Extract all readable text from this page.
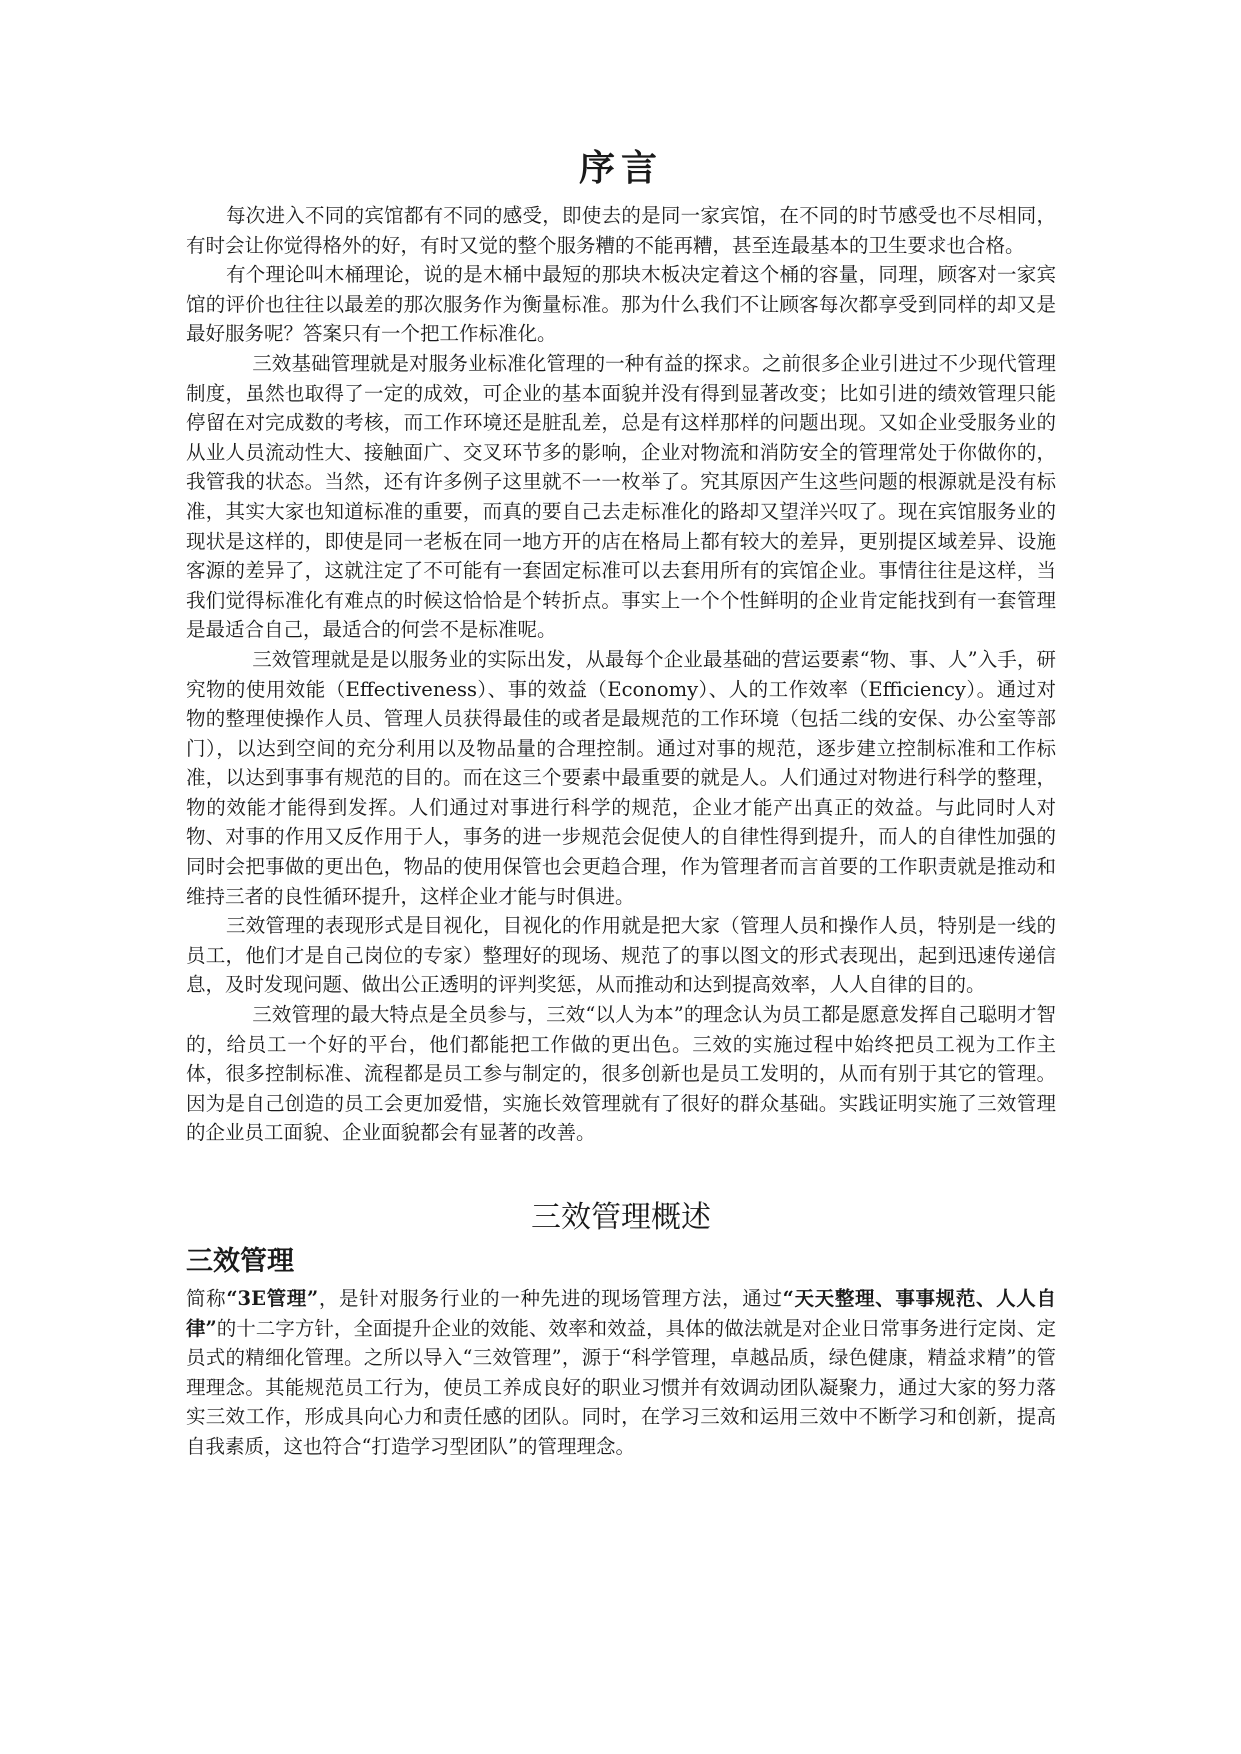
序言

每次进入不同的宾馆都有不同的感受，即使去的是同一家宾馆，在不同的时节感受也不尽相同，有时会让你觉得格外的好，有时又觉的整个服务糟的不能再糟，甚至连最基本的卫生要求也合格。

有个理论叫木桶理论，说的是木桶中最短的那块木板决定着这个桶的容量，同理，顾客对一家宾馆的评价也往往以最差的那次服务作为衡量标准。那为什么我们不让顾客每次都享受到同样的却又是最好服务呢？答案只有一个把工作标准化。

三效基础管理就是对服务业标准化管理的一种有益的探求。之前很多企业引进过不少现代管理制度，虽然也取得了一定的成效，可企业的基本面貌并没有得到显著改变；比如引进的绩效管理只能停留在对完成数的考核，而工作环境还是脏乱差，总是有这样那样的问题出现。又如企业受服务业的从业人员流动性大、接触面广、交叉环节多的影响，企业对物流和消防安全的管理常处于你做你的，我管我的状态。当然，还有许多例子这里就不一一枚举了。究其原因产生这些问题的根源就是没有标准，其实大家也知道标准的重要，而真的要自己去走标准化的路却又望洋兴叹了。现在宾馆服务业的现状是这样的，即使是同一老板在同一地方开的店在格局上都有较大的差异，更别提区域差异、设施客源的差异了，这就注定了不可能有一套固定标准可以去套用所有的宾馆企业。事情往往是这样，当我们觉得标准化有难点的时候这恰恰是个转折点。事实上一个个性鲜明的企业肯定能找到有一套管理是最适合自己，最适合的何尝不是标准呢。

三效管理就是是以服务业的实际出发，从最每个企业最基础的营运要素“物、事、人”入手，研究物的使用效能（Effectiveness）、事的效益（Economy）、人的工作效率（Efficiency）。通过对物的整理使操作人员、管理人员获得最佳的或者是最规范的工作环境（包括二线的安保、办公室等部门），以达到空间的充分利用以及物品量的合理控制。通过对事的规范，逐步建立控制标准和工作标准，以达到事事有规范的目的。而在这三个要素中最重要的就是人。人们通过对物进行科学的整理，物的效能才能得到发挥。人们通过对事进行科学的规范，企业才能产出真正的效益。与此同时人对物、对事的作用又反作用于人，事务的进一步规范会促使人的自律性得到提升，而人的自律性加强的同时会把事做的更出色，物品的使用保管也会更趋合理，作为管理者而言首要的工作职责就是推动和维持三者的良性循环提升，这样企业才能与时俱进。

三效管理的表现形式是目视化，目视化的作用就是把大家（管理人员和操作人员，特别是一线的员工，他们才是自己岗位的专家）整理好的现场、规范了的事以图文的形式表现出，起到迅速传递信息，及时发现问题、做出公正透明的评判奖惩，从而推动和达到提高效率，人人自律的目的。

三效管理的最大特点是全员参与，三效“以人为本”的理念认为员工都是愿意发挥自己聪明才智的，给员工一个好的平台，他们都能把工作做的更出色。三效的实施过程中始终把员工视为工作主体，很多控制标准、流程都是员工参与制定的，很多创新也是员工发明的，从而有别于其它的管理。因为是自己创造的员工会更加爱惜，实施长效管理就有了很好的群众基础。实践证明实施了三效管理的企业员工面貌、企业面貌都会有显著的改善。

三效管理概述
三效管理

简称“3E管理”，是针对服务行业的一种先进的现场管理方法，通过“天天整理、事事规范、人人自律”的十二字方针，全面提升企业的效能、效率和效益，具体的做法就是对企业日常事务进行定岗、定员式的精细化管理。之所以导入“三效管理”，源于“科学管理，卓越品质，绿色健康，精益求精”的管理理念。其能规范员工行为，使员工养成良好的职业习惯并有效调动团队凝聚力，通过大家的努力落实三效工作，形成具向心力和责任感的团队。同时，在学习三效和运用三效中不断学习和创新，提高自我素质，这也符合“打造学习型团队”的管理理念。
